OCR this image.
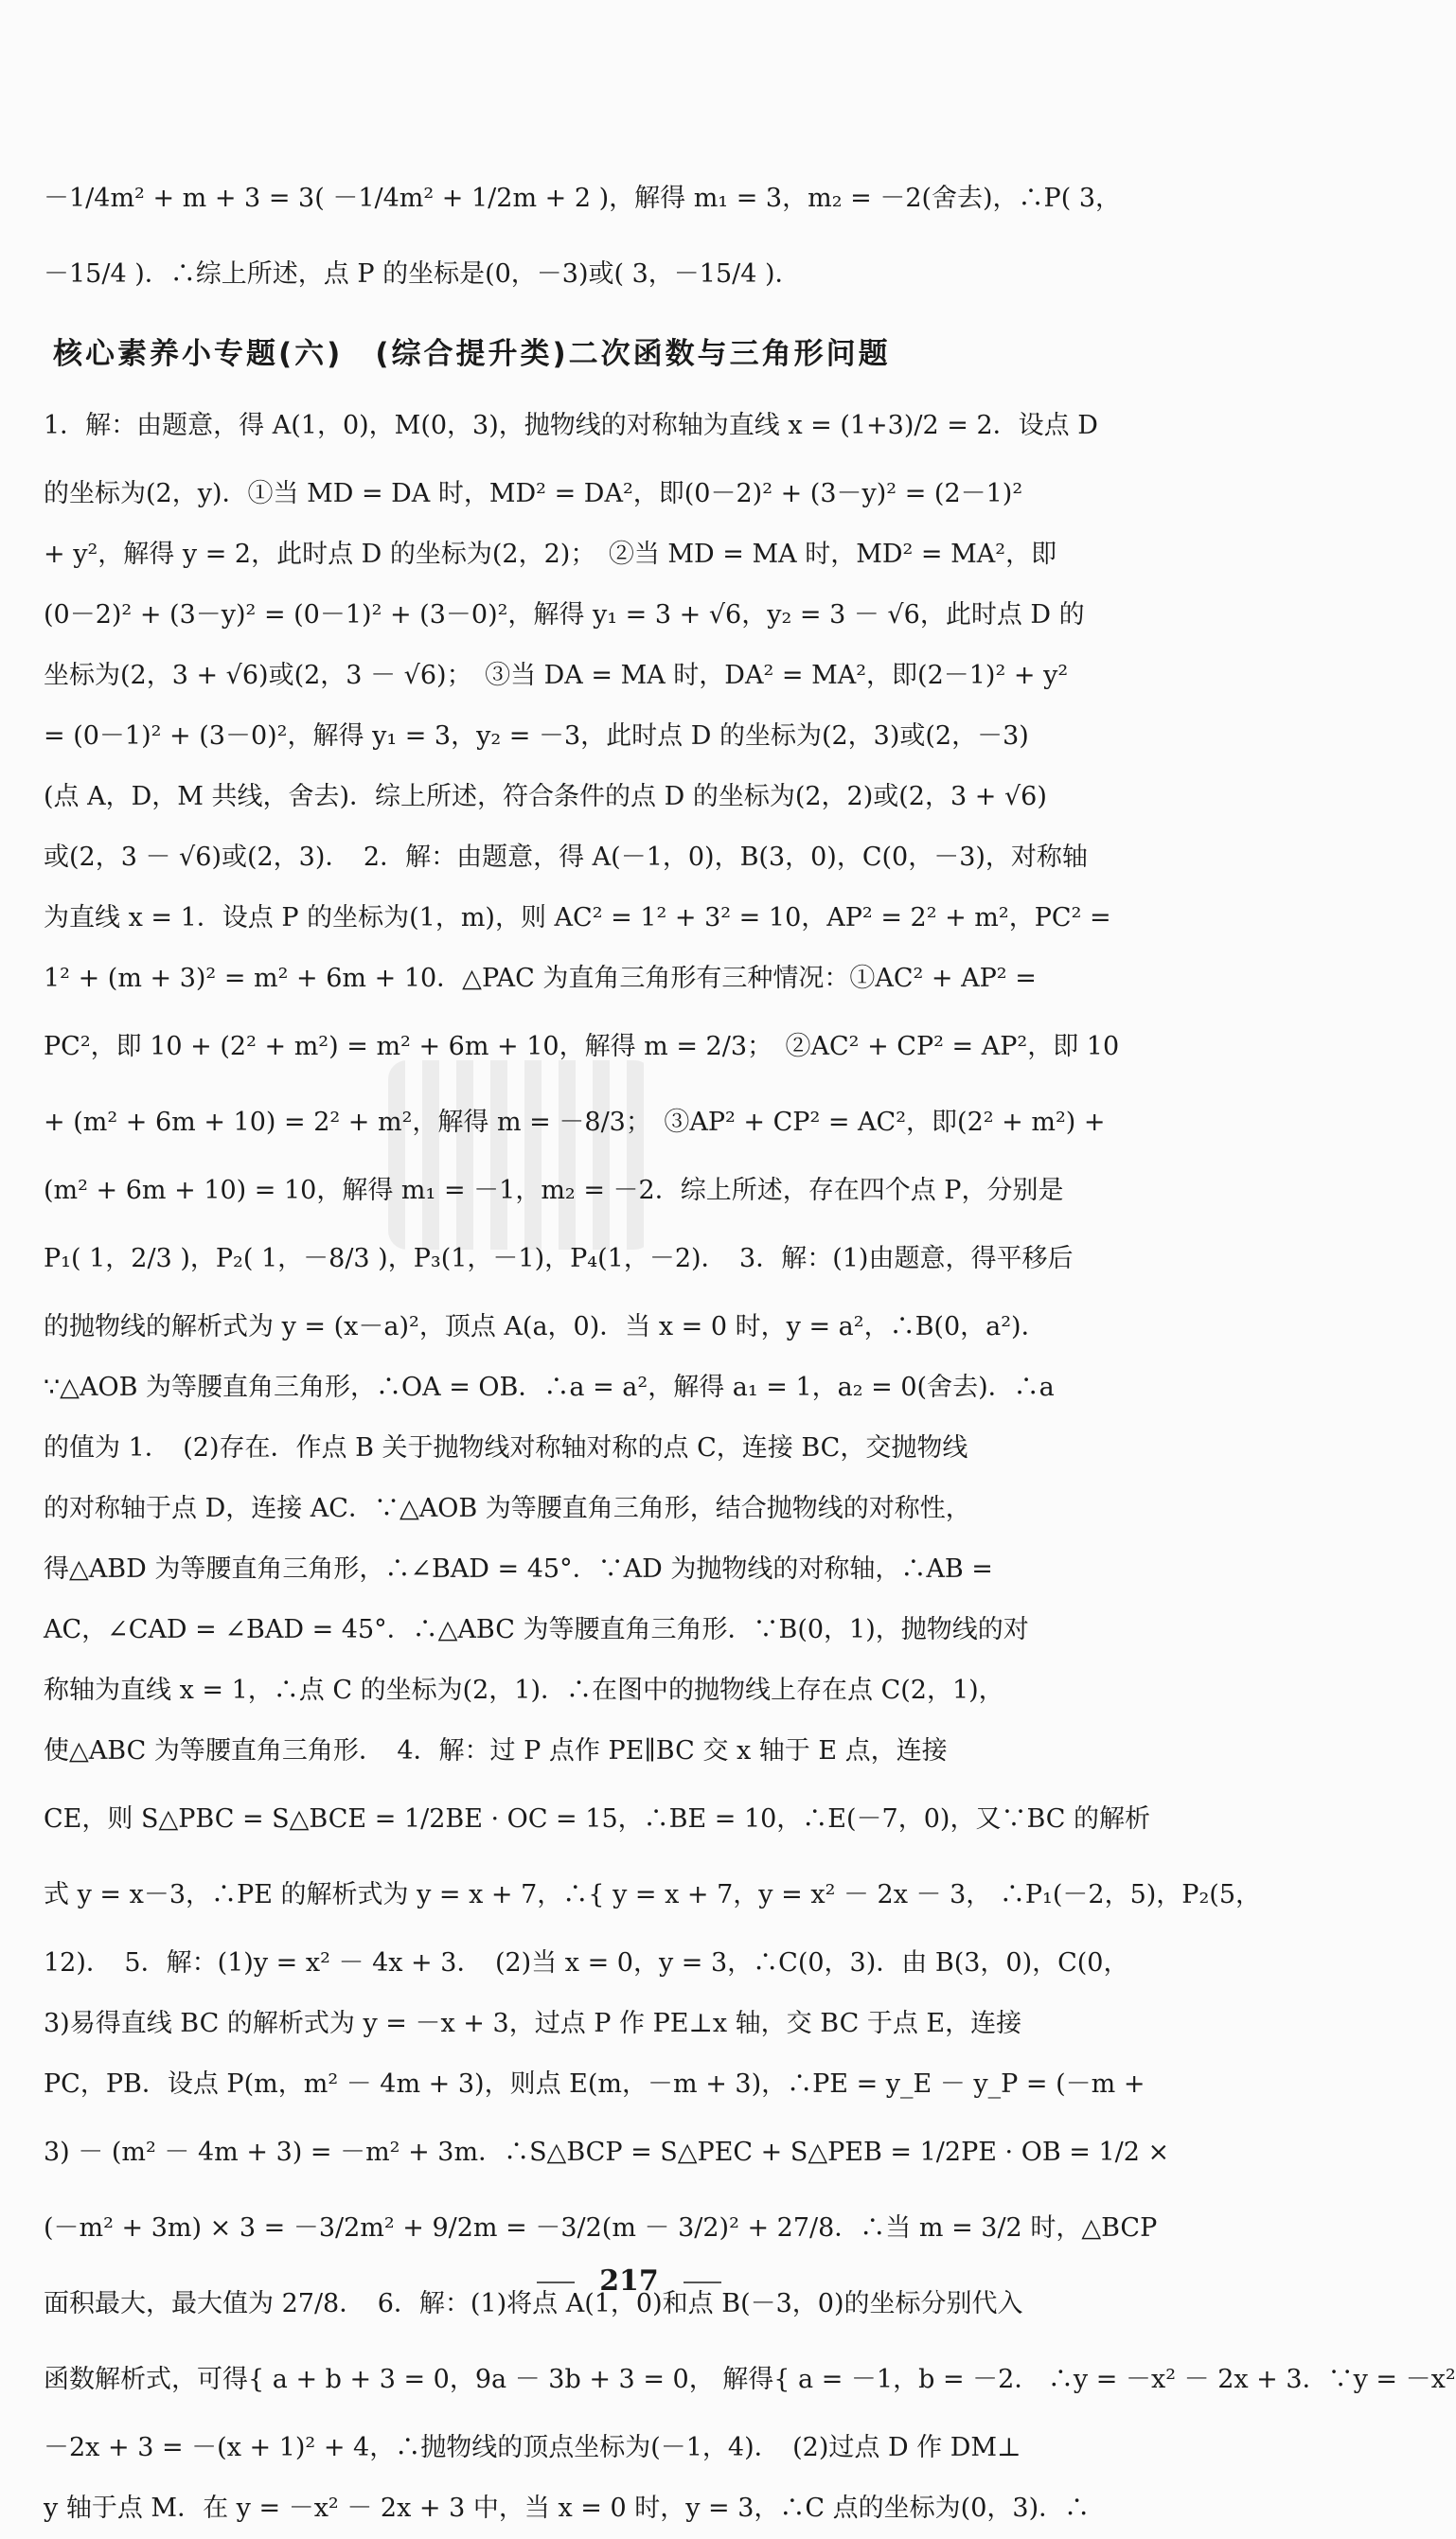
－1/4m² + m + 3 = 3( －1/4m² + 1/2m + 2 )，解得 m₁ = 3，m₂ = －2(舍去)，∴P( 3，

－15/4 )．∴综上所述，点 P 的坐标是(0，－3)或( 3，－15/4 )．

核心素养小专题(六)　(综合提升类)二次函数与三角形问题

1．解：由题意，得 A(1，0)，M(0，3)，抛物线的对称轴为直线 x = (1+3)/2 = 2．设点 D

的坐标为(2，y)．①当 MD = DA 时，MD² = DA²，即(0－2)² + (3－y)² = (2－1)²

+ y²，解得 y = 2，此时点 D 的坐标为(2，2)；　②当 MD = MA 时，MD² = MA²，即

(0－2)² + (3－y)² = (0－1)² + (3－0)²，解得 y₁ = 3 + √6，y₂ = 3 － √6，此时点 D 的

坐标为(2，3 + √6)或(2，3 － √6)；　③当 DA = MA 时，DA² = MA²，即(2－1)² + y²

= (0－1)² + (3－0)²，解得 y₁ = 3，y₂ = －3，此时点 D 的坐标为(2，3)或(2，－3)

(点 A，D，M 共线，舍去)．综上所述，符合条件的点 D 的坐标为(2，2)或(2，3 + √6)

或(2，3 － √6)或(2，3)．　2．解：由题意，得 A(－1，0)，B(3，0)，C(0，－3)，对称轴

为直线 x = 1．设点 P 的坐标为(1，m)，则 AC² = 1² + 3² = 10，AP² = 2² + m²，PC² =

1² + (m + 3)² = m² + 6m + 10．△PAC 为直角三角形有三种情况：①AC² + AP² =

PC²，即 10 + (2² + m²) = m² + 6m + 10，解得 m = 2/3；　②AC² + CP² = AP²，即 10

+ (m² + 6m + 10) = 2² + m²，解得 m = －8/3；　③AP² + CP² = AC²，即(2² + m²) +

(m² + 6m + 10) = 10，解得 m₁ = －1，m₂ = －2．综上所述，存在四个点 P，分别是

P₁( 1，2/3 )，P₂( 1，－8/3 )，P₃(1，－1)，P₄(1，－2)．　3．解：(1)由题意，得平移后

的抛物线的解析式为 y = (x－a)²，顶点 A(a，0)．当 x = 0 时，y = a²，∴B(0，a²)．

∵△AOB 为等腰直角三角形，∴OA = OB．∴a = a²，解得 a₁ = 1，a₂ = 0(舍去)．∴a

的值为 1．　(2)存在．作点 B 关于抛物线对称轴对称的点 C，连接 BC，交抛物线

的对称轴于点 D，连接 AC．∵△AOB 为等腰直角三角形，结合抛物线的对称性，

得△ABD 为等腰直角三角形，∴∠BAD = 45°．∵AD 为抛物线的对称轴，∴AB =

AC，∠CAD = ∠BAD = 45°．∴△ABC 为等腰直角三角形．∵B(0，1)，抛物线的对

称轴为直线 x = 1，∴点 C 的坐标为(2，1)．∴在图中的抛物线上存在点 C(2，1)，

使△ABC 为等腰直角三角形．　4．解：过 P 点作 PE∥BC 交 x 轴于 E 点，连接

CE，则 S△PBC = S△BCE = 1/2BE · OC = 15，∴BE = 10，∴E(－7，0)，又∵BC 的解析

式 y = x－3，∴PE 的解析式为 y = x + 7，∴{ y = x + 7，y = x² － 2x － 3， ∴P₁(－2，5)，P₂(5，

12)．　5．解：(1)y = x² － 4x + 3．　(2)当 x = 0，y = 3，∴C(0，3)．由 B(3，0)，C(0，

3)易得直线 BC 的解析式为 y = －x + 3，过点 P 作 PE⊥x 轴，交 BC 于点 E，连接

PC，PB．设点 P(m，m² － 4m + 3)，则点 E(m，－m + 3)，∴PE = y_E － y_P = (－m +

3) － (m² － 4m + 3) = －m² + 3m．∴S△BCP = S△PEC + S△PEB = 1/2PE · OB = 1/2 ×

(－m² + 3m) × 3 = －3/2m² + 9/2m = －3/2(m － 3/2)² + 27/8．∴当 m = 3/2 时，△BCP

面积最大，最大值为 27/8．　6．解：(1)将点 A(1，0)和点 B(－3，0)的坐标分别代入

函数解析式，可得{ a + b + 3 = 0，9a － 3b + 3 = 0， 解得{ a = －1，b = －2． ∴y = －x² － 2x + 3．∵y = －x²

－2x + 3 = －(x + 1)² + 4，∴抛物线的顶点坐标为(－1，4)．　(2)过点 D 作 DM⊥

y 轴于点 M．在 y = －x² － 2x + 3 中，当 x = 0 时，y = 3，∴C 点的坐标为(0，3)．∴

217
